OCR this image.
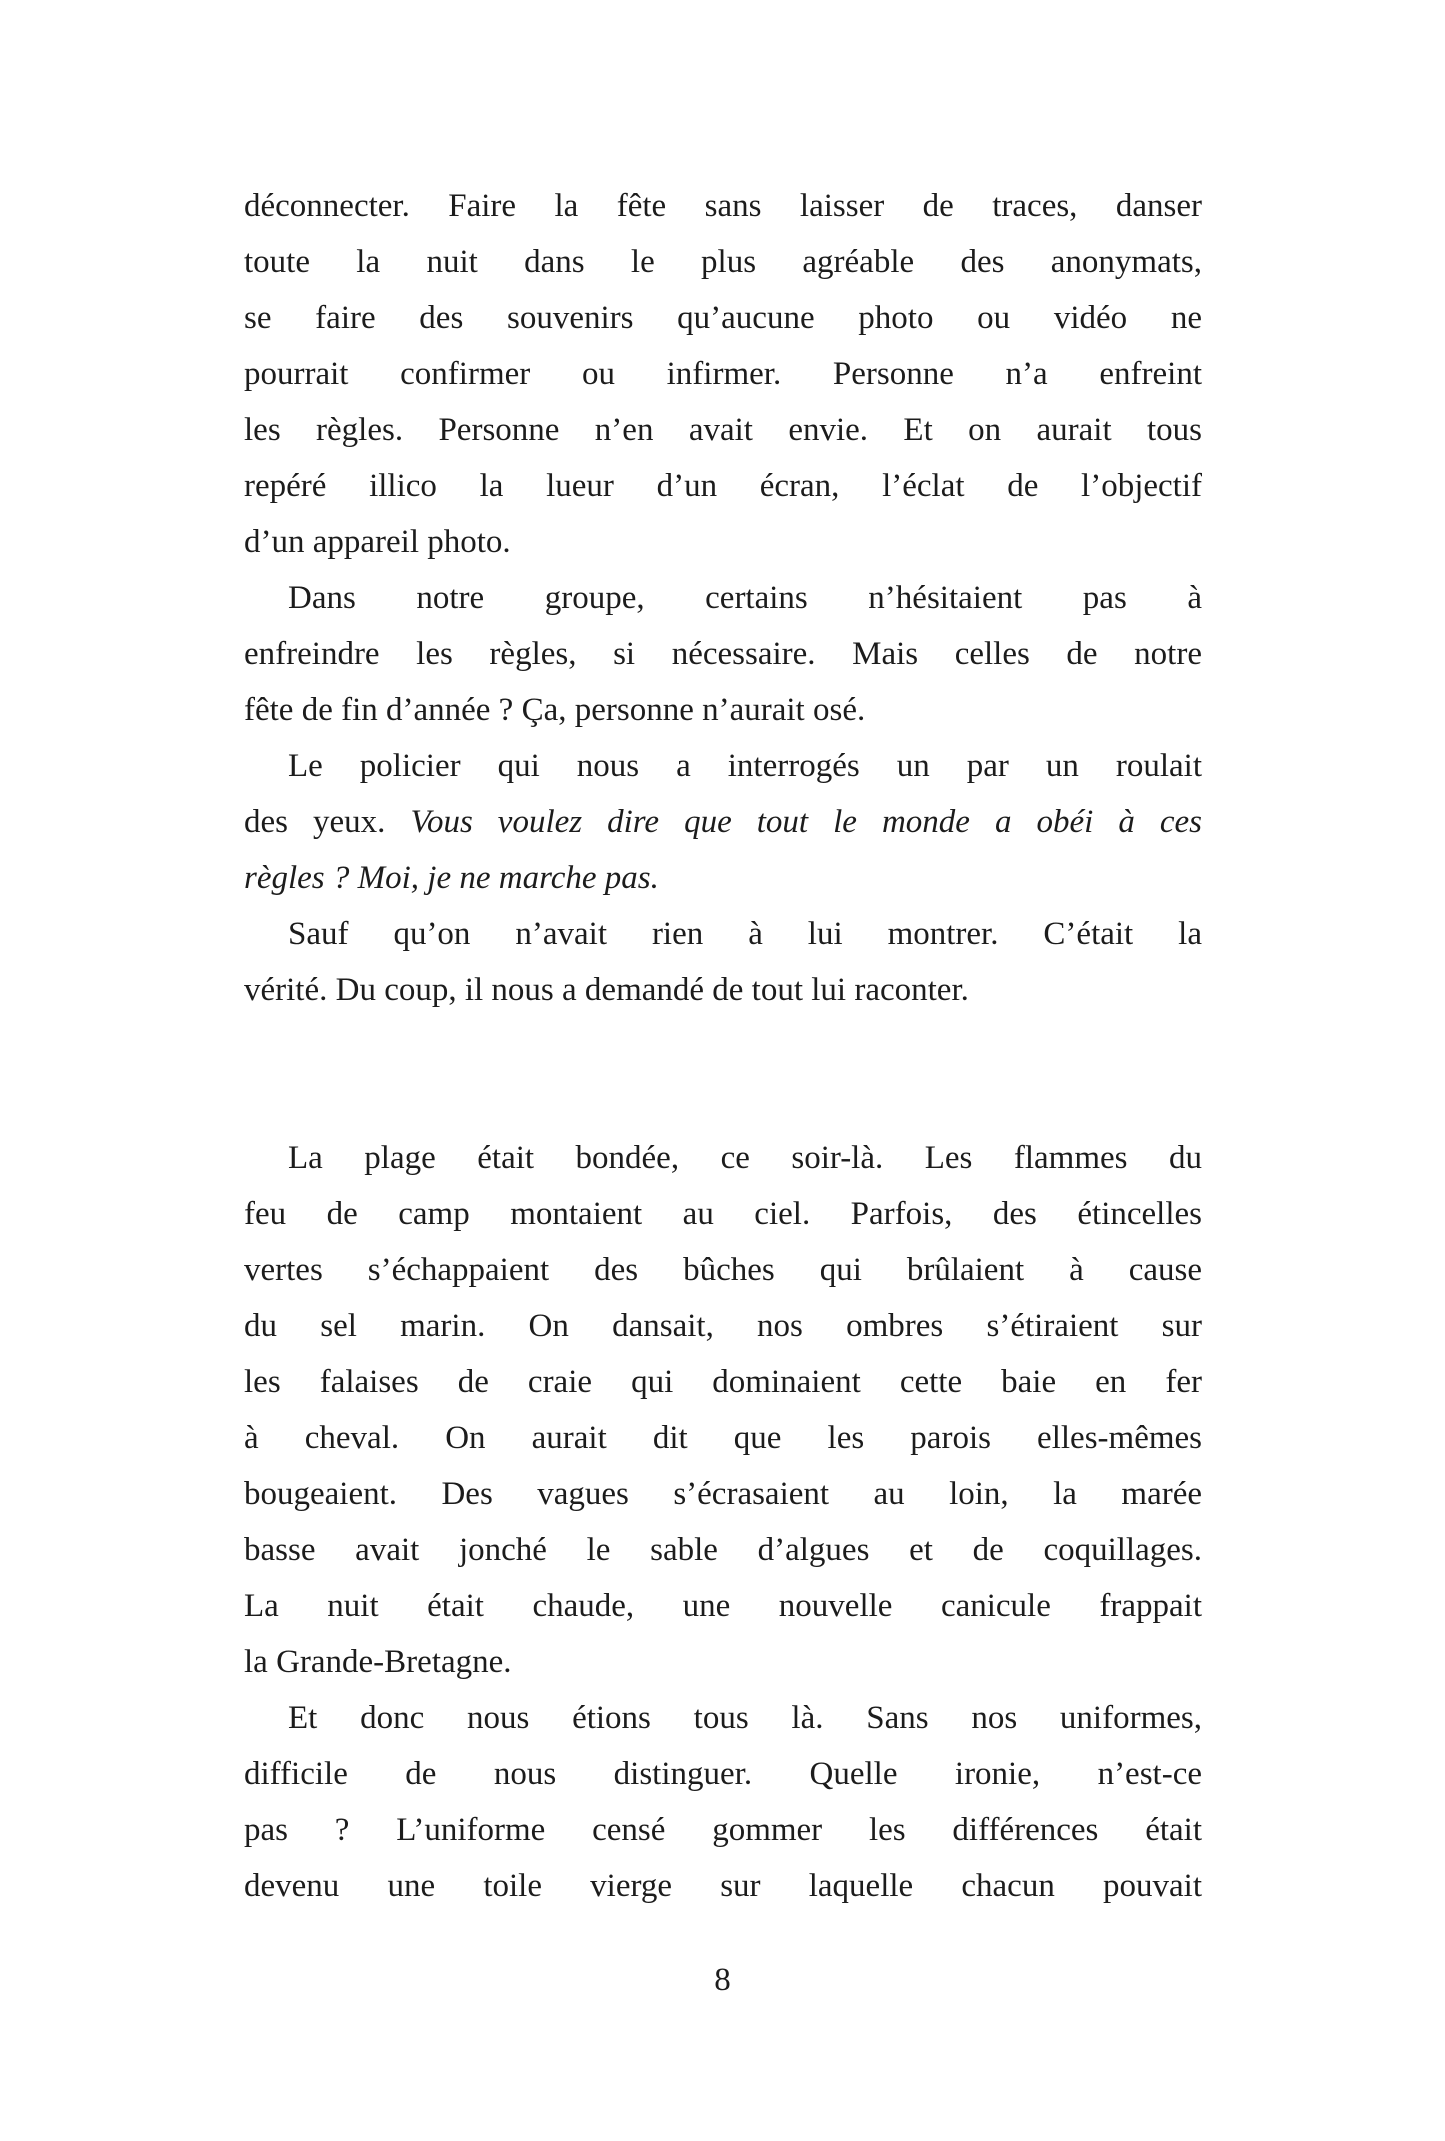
déconnecter. Faire la fête sans laisser de traces, danser
toute la nuit dans le plus agréable des anonymats,
se faire des souvenirs qu’aucune photo ou vidéo ne
pourrait confirmer ou infirmer. Personne n’a enfreint
les règles. Personne n’en avait envie. Et on aurait tous
repéré illico la lueur d’un écran, l’éclat de l’objectif
d’un appareil photo.
Dans notre groupe, certains n’hésitaient pas à
enfreindre les règles, si nécessaire. Mais celles de notre
fête de fin d’année ? Ça, personne n’aurait osé.
Le policier qui nous a interrogés un par un roulait
des yeux. Vous voulez dire que tout le monde a obéi à ces
règles ? Moi, je ne marche pas.
Sauf qu’on n’avait rien à lui montrer. C’était la
vérité. Du coup, il nous a demandé de tout lui raconter.
La plage était bondée, ce soir-là. Les flammes du
feu de camp montaient au ciel. Parfois, des étincelles
vertes s’échappaient des bûches qui brûlaient à cause
du sel marin. On dansait, nos ombres s’étiraient sur
les falaises de craie qui dominaient cette baie en fer
à cheval. On aurait dit que les parois elles-mêmes
bougeaient. Des vagues s’écrasaient au loin, la marée
basse avait jonché le sable d’algues et de coquillages.
La nuit était chaude, une nouvelle canicule frappait
la Grande-Bretagne.
Et donc nous étions tous là. Sans nos uniformes,
difficile de nous distinguer. Quelle ironie, n’est-ce
pas ? L’uniforme censé gommer les différences était
devenu une toile vierge sur laquelle chacun pouvait
8
